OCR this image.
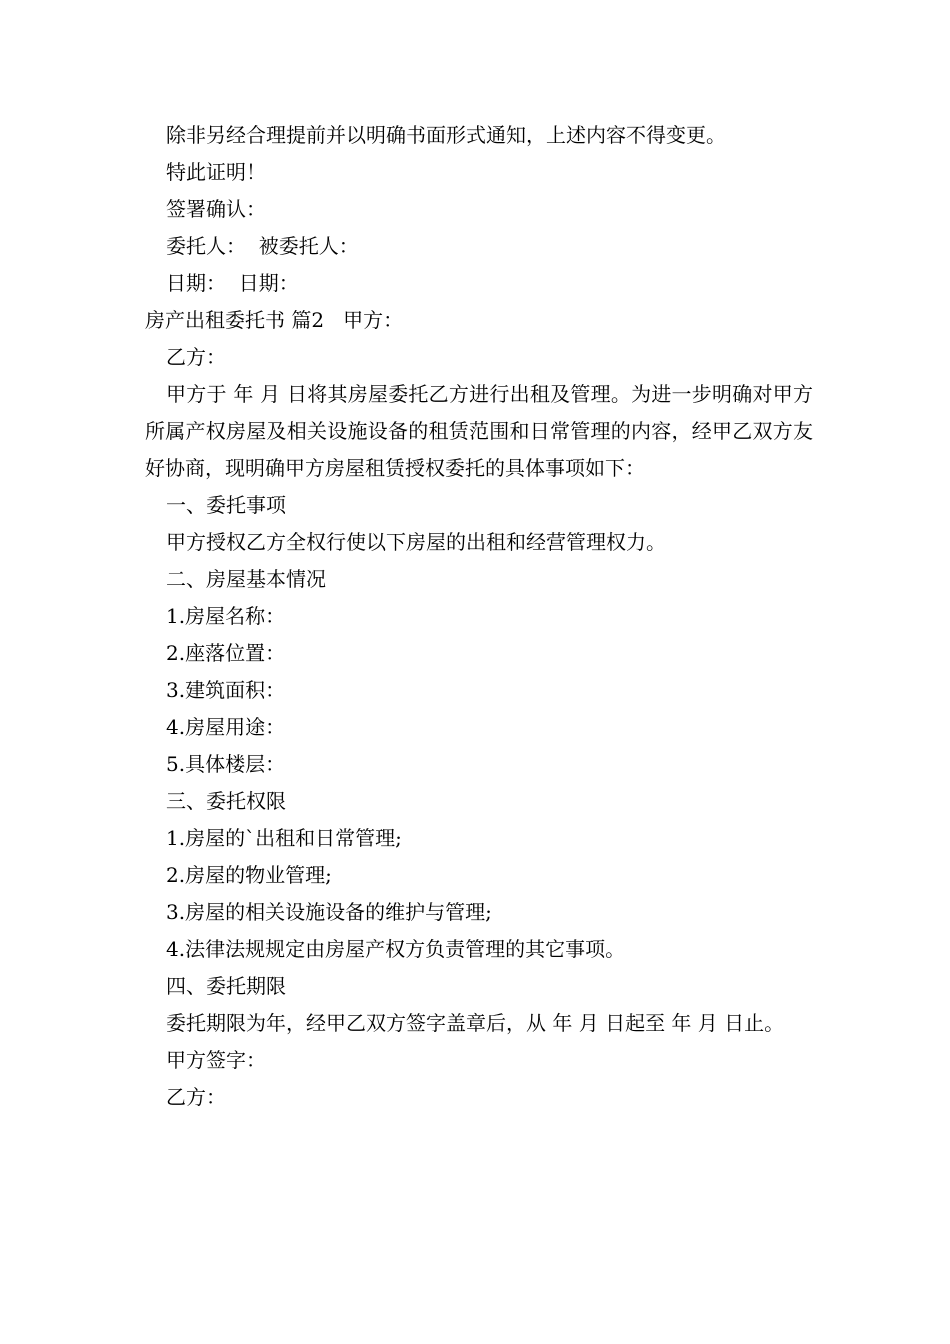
除非另经合理提前并以明确书面形式通知，上述内容不得变更。

特此证明！

签署确认：

委托人：  被委托人：

日期：  日期：

房产出租委托书 篇2   甲方：

乙方：

甲方于 年 月 日将其房屋委托乙方进行出租及管理。为进一步明确对甲方所属产权房屋及相关设施设备的租赁范围和日常管理的内容，经甲乙双方友好协商，现明确甲方房屋租赁授权委托的具体事项如下：

一、委托事项

甲方授权乙方全权行使以下房屋的出租和经营管理权力。

二、房屋基本情况

1.房屋名称：

2.座落位置：

3.建筑面积：

4.房屋用途：

5.具体楼层：

三、委托权限

1.房屋的`出租和日常管理;

2.房屋的物业管理;

3.房屋的相关设施设备的维护与管理;

4.法律法规规定由房屋产权方负责管理的其它事项。

四、委托期限

委托期限为年，经甲乙双方签字盖章后，从 年 月 日起至 年 月 日止。

甲方签字：

乙方：
